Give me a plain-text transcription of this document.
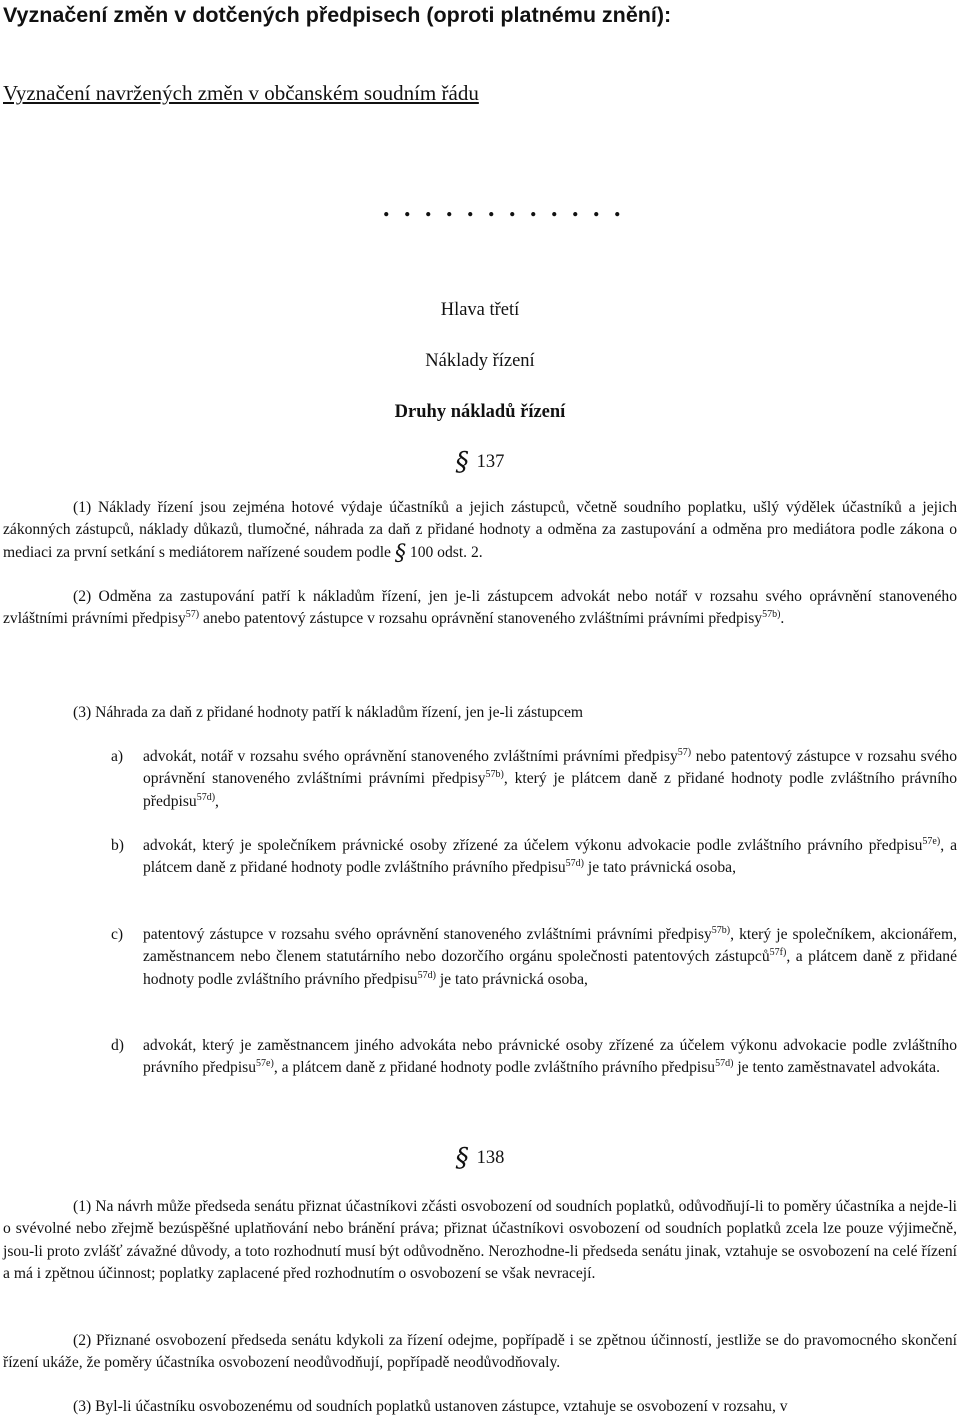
Vyznačení změn v dotčených předpisech (oproti platnému znění):
Vyznačení navržených změn v občanském soudním řádu
. . . . . . . . . . . .
Hlava třetí
Náklady řízení
Druhy nákladů řízení
§ 137

(1) Náklady řízení jsou zejména hotové výdaje účastníků a jejich zástupců, včetně soudního poplatku, ušlý výdělek účastníků a jejich zákonných zástupců, náklady důkazů, tlumočné, náhrada za daň z přidané hodnoty a odměna za zastupování a odměna pro mediátora podle zákona o mediaci za první setkání s mediátorem nařízené soudem podle § 100 odst. 2.

(2) Odměna za zastupování patří k nákladům řízení, jen je-li zástupcem advokát nebo notář v rozsahu svého oprávnění stanoveného zvláštními právními předpisy$^{57)}$ anebo patentový zástupce v rozsahu oprávnění stanoveného zvláštními právními předpisy$^{57b)}$.

(3) Náhrada za daň z přidané hodnoty patří k nákladům řízení, jen je-li zástupcem

a) advokát, notář v rozsahu svého oprávnění stanoveného zvláštními právními předpisy$^{57)}$ nebo patentový zástupce v rozsahu svého oprávnění stanoveného zvláštními právními předpisy$^{57b)}$, který je plátcem daně z přidané hodnoty podle zvláštního právního předpisu$^{57d)}$,
b) advokát, který je společníkem právnické osoby zřízené za účelem výkonu advokacie podle zvláštního právního předpisu$^{57e)}$, a plátcem daně z přidané hodnoty podle zvláštního právního předpisu$^{57d)}$ je tato právnická osoba,
c) patentový zástupce v rozsahu svého oprávnění stanoveného zvláštními právními předpisy$^{57b)}$, který je společníkem, akcionářem, zaměstnancem nebo členem statutárního nebo dozorčího orgánu společnosti patentových zástupců$^{57f)}$, a plátcem daně z přidané hodnoty podle zvláštního právního předpisu$^{57d)}$ je tato právnická osoba,
d) advokát, který je zaměstnancem jiného advokáta nebo právnické osoby zřízené za účelem výkonu advokacie podle zvláštního právního předpisu$^{57e)}$, a plátcem daně z přidané hodnoty podle zvláštního právního předpisu$^{57d)}$ je tento zaměstnavatel advokáta.
§ 138

(1) Na návrh může předseda senátu přiznat účastníkovi zčásti osvobození od soudních poplatků, odůvodňují-li to poměry účastníka a nejde-li o svévolné nebo zřejmě bezúspěšné uplatňování nebo bránění práva; přiznat účastníkovi osvobození od soudních poplatků zcela lze pouze výjimečně, jsou-li proto zvlášť závažné důvody, a toto rozhodnutí musí být odůvodněno. Nerozhodne-li předseda senátu jinak, vztahuje se osvobození na celé řízení a má i zpětnou účinnost; poplatky zaplacené před rozhodnutím o osvobození se však nevracejí.

(2) Přiznané osvobození předseda senátu kdykoli za řízení odejme, popřípadě i se zpětnou účinností, jestliže se do pravomocného skončení řízení ukáže, že poměry účastníka osvobození neodůvodňují, popřípadě neodůvodňovaly.

(3) Byl-li účastníku osvobozenému od soudních poplatků ustanoven zástupce, vztahuje se osvobození v rozsahu, v
